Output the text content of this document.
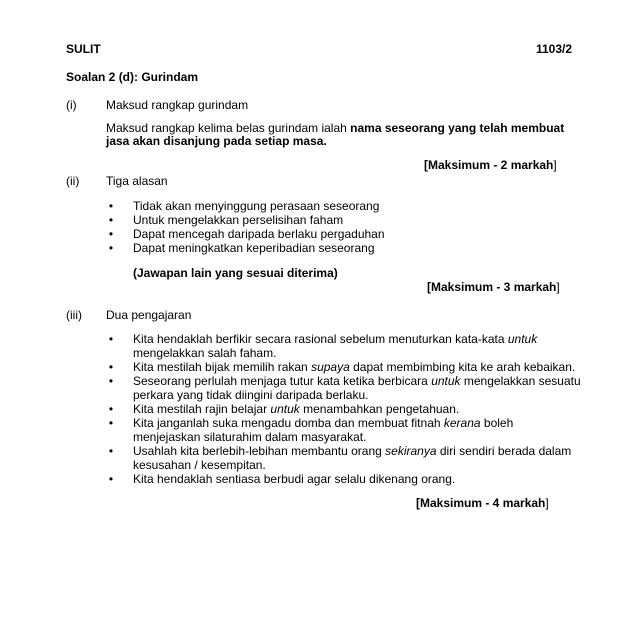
SULIT	1103/2
Soalan 2 (d): Gurindam
(i) Maksud rangkap gurindam
Maksud rangkap kelima belas gurindam ialah nama seseorang yang telah membuat
jasa akan disanjung pada setiap masa.
[Maksimum - 2 markah]
(ii) Tiga alasan
• Tidak akan menyinggung perasaan seseorang
• Untuk mengelakkan perselisihan faham
• Dapat mencegah daripada berlaku pergaduhan
• Dapat meningkatkan keperibadian seseorang
(Jawapan lain yang sesuai diterima)
[Maksimum - 3 markah]
(iii) Dua pengajaran
• Kita hendaklah berfikir secara rasional sebelum menuturkan kata-kata untuk
mengelakkan salah faham.
• Kita mestilah bijak memilih rakan supaya dapat membimbing kita ke arah kebaikan.
• Seseorang perlulah menjaga tutur kata ketika berbicara untuk mengelakkan sesuatu
perkara yang tidak diingini daripada berlaku.
• Kita mestilah rajin belajar untuk menambahkan pengetahuan.
• Kita janganlah suka mengadu domba dan membuat fitnah kerana boleh
menjejaskan silaturahim dalam masyarakat.
• Usahlah kita berlebih-lebihan membantu orang sekiranya diri sendiri berada dalam
kesusahan / kesempitan.
• Kita hendaklah sentiasa berbudi agar selalu dikenang orang.
[Maksimum - 4 markah]
